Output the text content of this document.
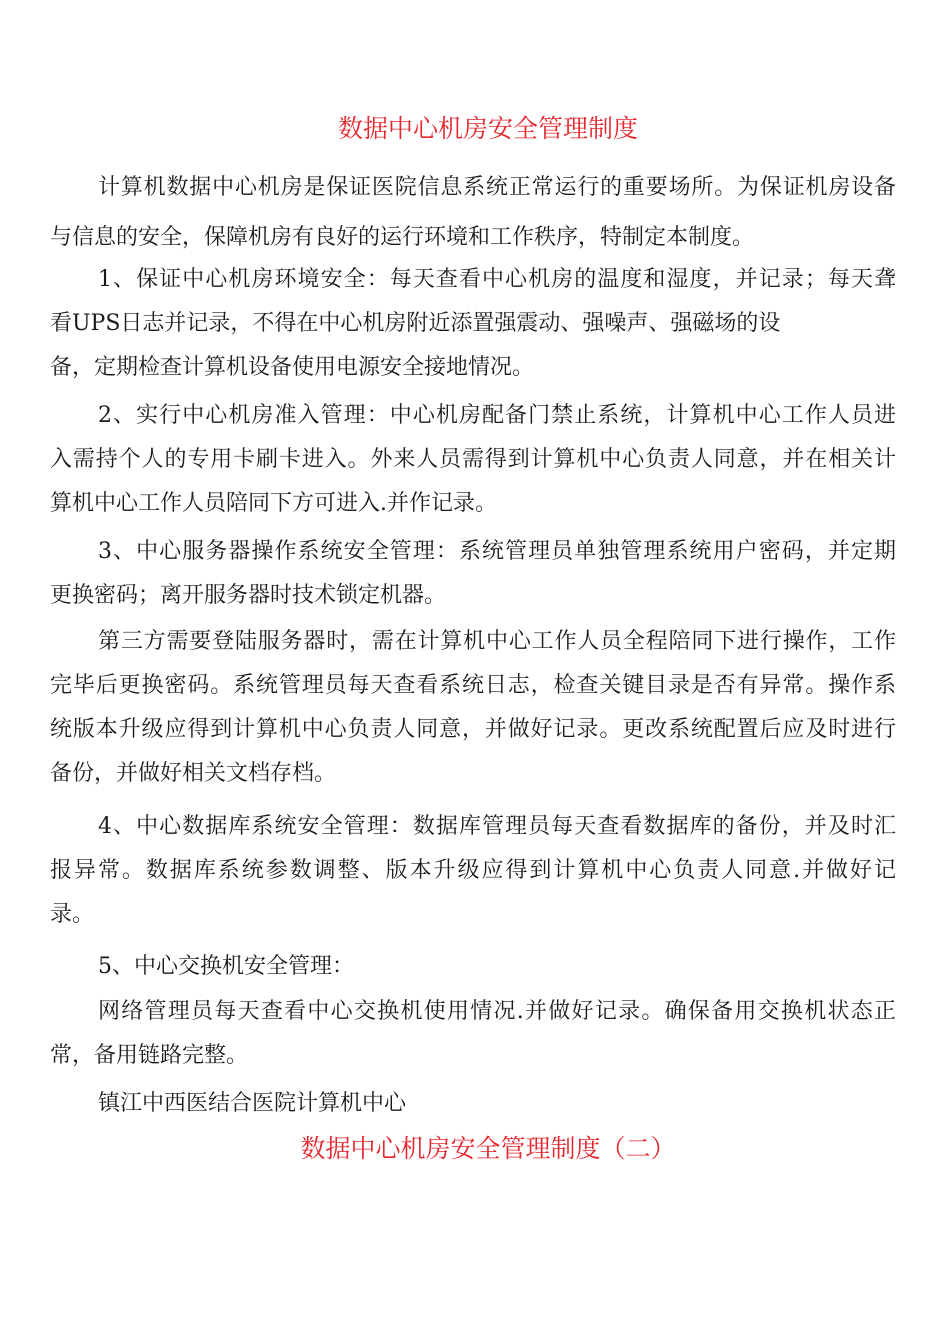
数据中心机房安全管理制度
计算机数据中心机房是保证医院信息系统正常运行的重要场所。为保证机房设备
与信息的安全，保障机房有良好的运行环境和工作秩序，特制定本制度。
1、保证中心机房环境安全：每天查看中心机房的温度和湿度，并记录；每天聋
看UPS日志并记录，不得在中心机房附近添置强震动、强噪声、强磁场的设
备，定期检查计算机设备使用电源安全接地情况。
2、实行中心机房准入管理：中心机房配备门禁止系统，计算机中心工作人员进
入需持个人的专用卡刷卡进入。外来人员需得到计算机中心负责人同意，并在相关计
算机中心工作人员陪同下方可进入.并作记录。
3、中心服务器操作系统安全管理：系统管理员单独管理系统用户密码，并定期
更换密码；离开服务器时技术锁定机器。
第三方需要登陆服务器时，需在计算机中心工作人员全程陪同下进行操作，工作
完毕后更换密码。系统管理员每天查看系统日志，检查关键目录是否有异常。操作系
统版本升级应得到计算机中心负责人同意，并做好记录。更改系统配置后应及时进行
备份，并做好相关文档存档。
4、中心数据库系统安全管理：数据库管理员每天查看数据库的备份，并及时汇
报异常。数据库系统参数调整、版本升级应得到计算机中心负责人同意.并做好记
录。
5、中心交换机安全管理：
网络管理员每天查看中心交换机使用情况.并做好记录。确保备用交换机状态正
常，备用链路完整。
镇江中西医结合医院计算机中心
数据中心机房安全管理制度（二）
